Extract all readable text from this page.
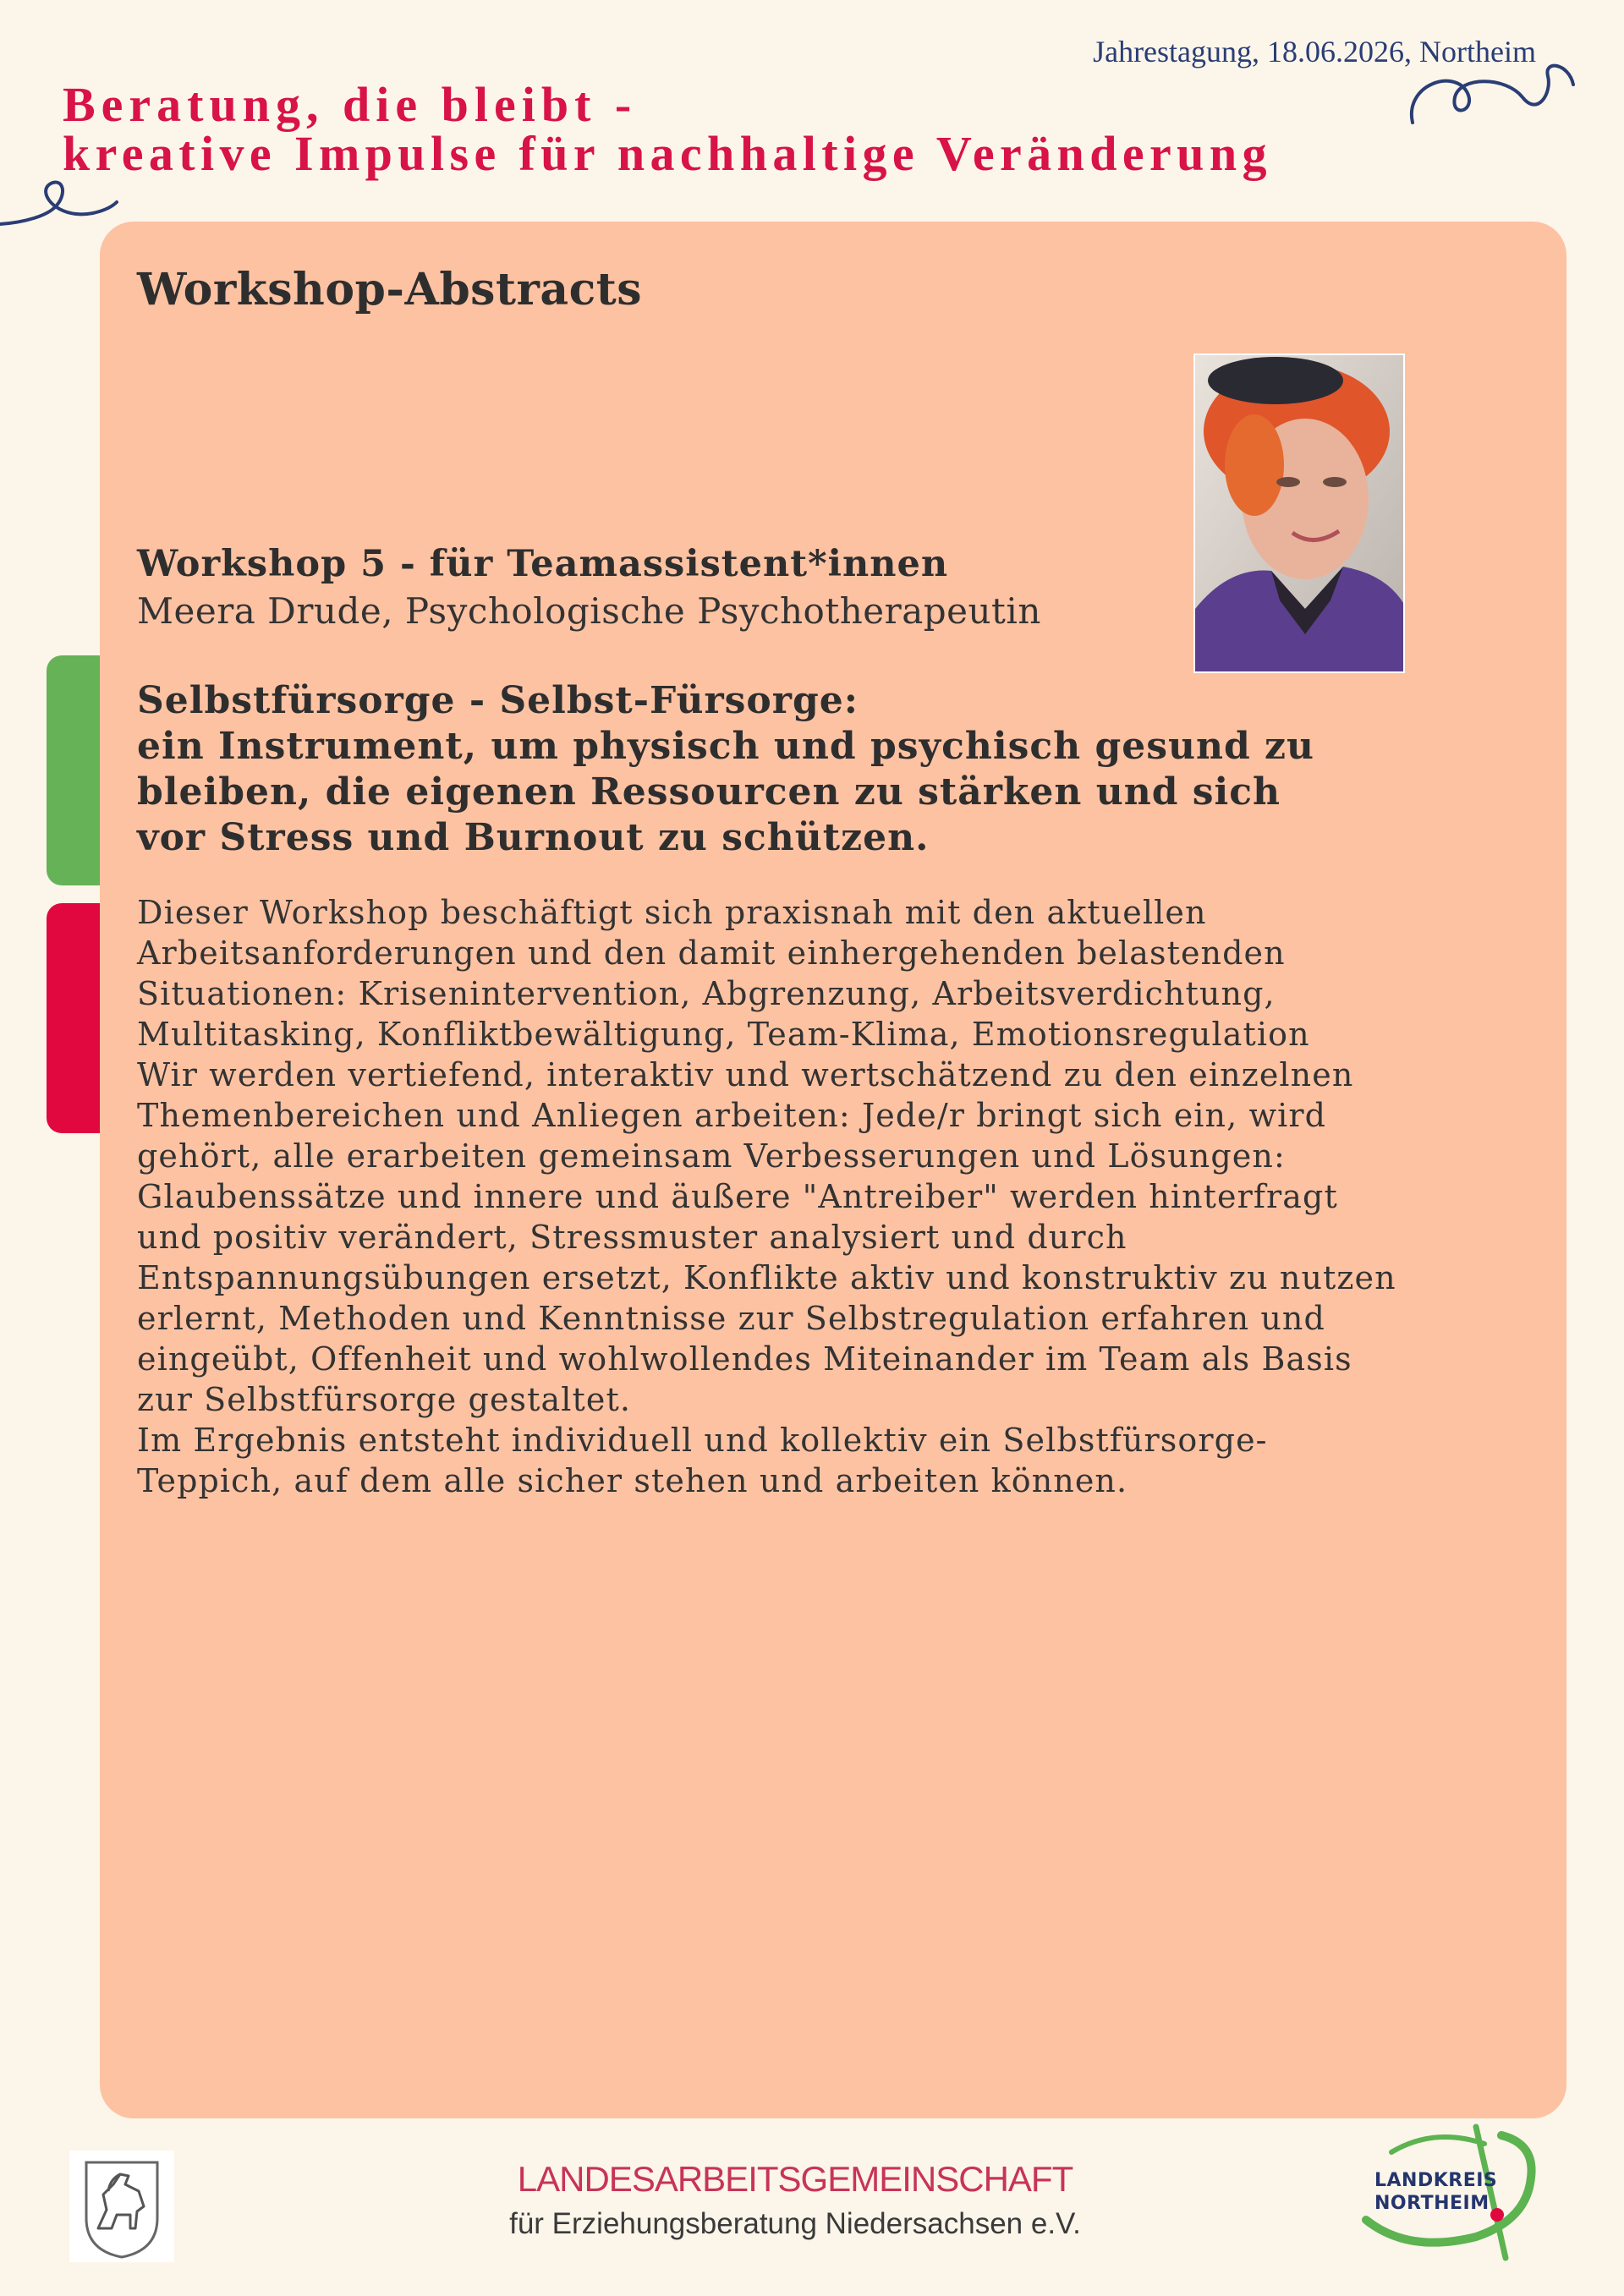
Jahrestagung, 18.06.2026, Northeim
Beratung, die bleibt -
kreative Impulse für nachhaltige Veränderung
Workshop-Abstracts
Workshop 5 - für Teamassistent*innen
Meera Drude, Psychologische Psychotherapeutin
Selbstfürsorge - Selbst-Fürsorge:
ein Instrument, um physisch und psychisch gesund zu
bleiben, die eigenen Ressourcen zu stärken und sich
vor Stress und Burnout zu schützen.
Dieser Workshop beschäftigt sich praxisnah mit den aktuellen
Arbeitsanforderungen und den damit einhergehenden belastenden
Situationen: Krisenintervention, Abgrenzung, Arbeitsverdichtung,
Multitasking, Konfliktbewältigung, Team-Klima, Emotionsregulation
Wir werden vertiefend, interaktiv und wertschätzend zu den einzelnen
Themenbereichen und Anliegen arbeiten: Jede/r bringt sich ein, wird
gehört, alle erarbeiten gemeinsam Verbesserungen und Lösungen:
Glaubenssätze und innere und äußere "Antreiber" werden hinterfragt
und positiv verändert, Stressmuster analysiert und durch
Entspannungsübungen ersetzt, Konflikte aktiv und konstruktiv zu nutzen
erlernt, Methoden und Kenntnisse zur Selbstregulation erfahren und
eingeübt, Offenheit und wohlwollendes Miteinander im Team als Basis
zur Selbstfürsorge gestaltet.
Im Ergebnis entsteht individuell und kollektiv ein Selbstfürsorge-
Teppich, auf dem alle sicher stehen und arbeiten können.
LANDESARBEITSGEMEINSCHAFT
für Erziehungsberatung Niedersachsen e.V.
LANDKREIS
NORTHEIM
